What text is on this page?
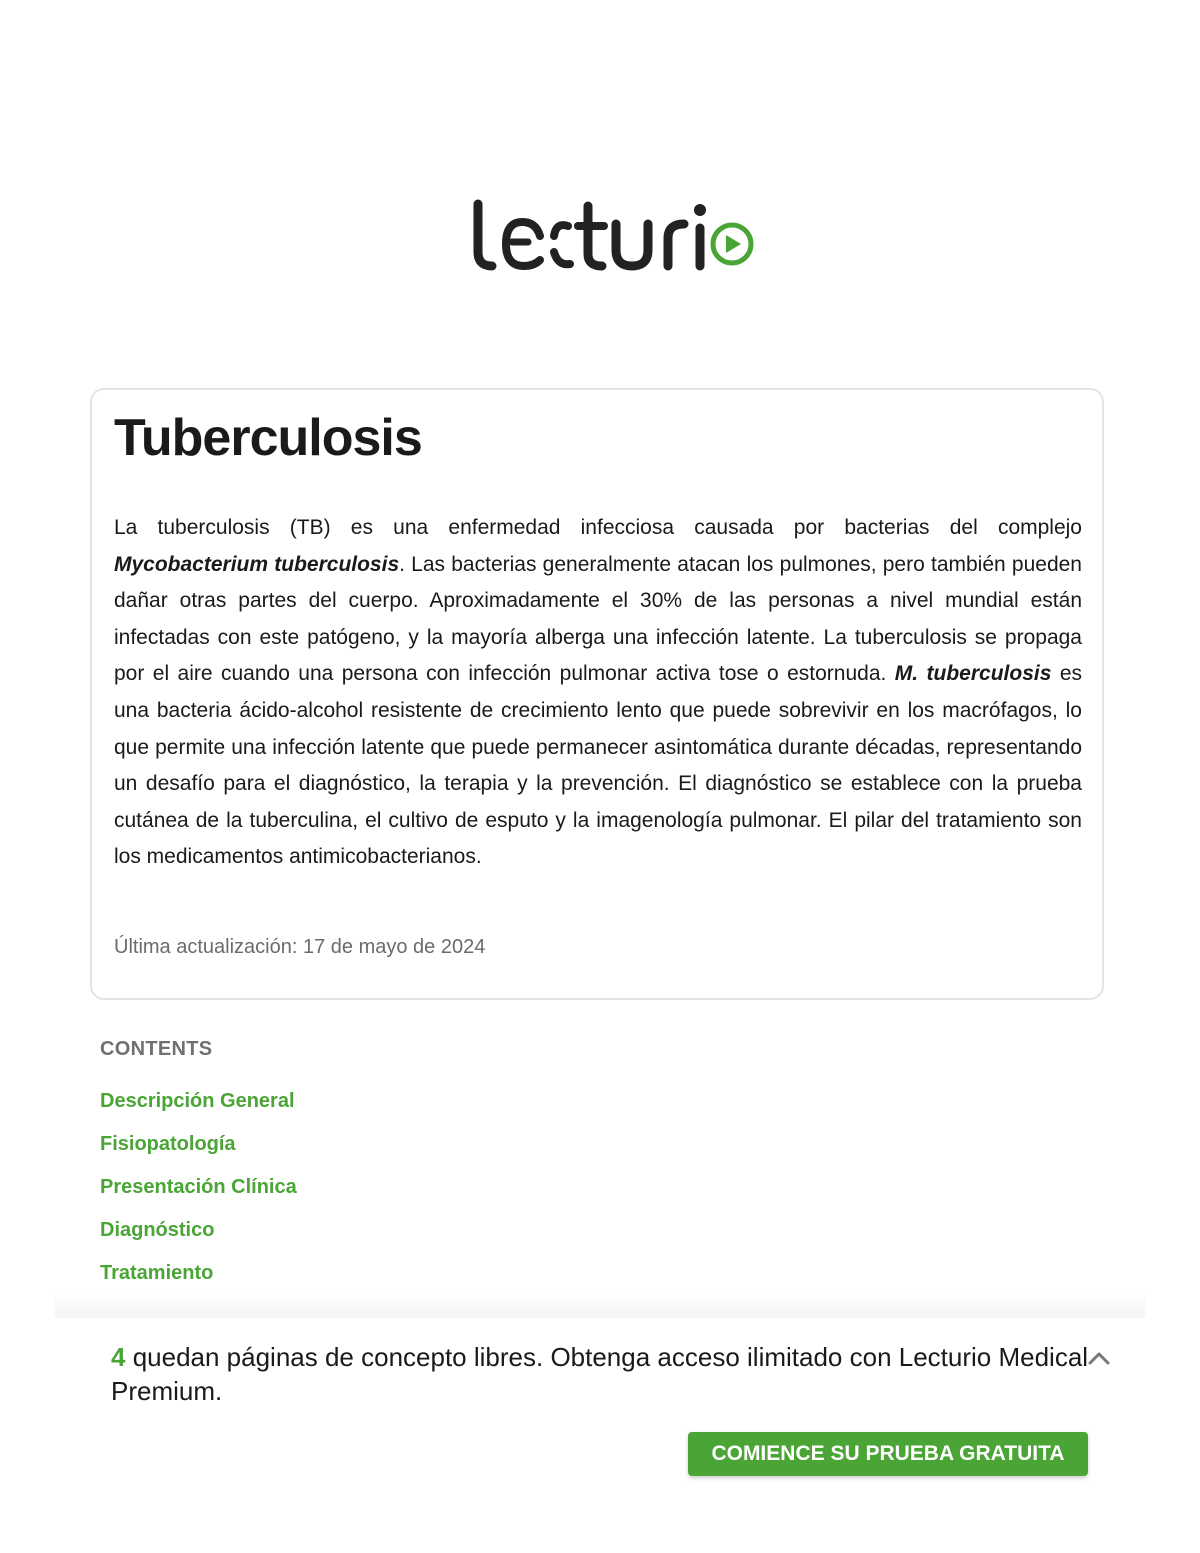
Tuberculosis

La tuberculosis (TB) es una enfermedad infecciosa causada por bacterias del complejo Mycobacterium tuberculosis. Las bacterias generalmente atacan los pulmones, pero también pueden dañar otras partes del cuerpo. Aproximadamente el 30% de las personas a nivel mundial están infectadas con este patógeno, y la mayoría alberga una infección latente. La tuberculosis se propaga por el aire cuando una persona con infección pulmonar activa tose o estornuda. M. tuberculosis es una bacteria ácido-alcohol resistente de crecimiento lento que puede sobrevivir en los macrófagos, lo que permite una infección latente que puede permanecer asintomática durante décadas, representando un desafío para el diagnóstico, la terapia y la prevención. El diagnóstico se establece con la prueba cutánea de la tuberculina, el cultivo de esputo y la imagenología pulmonar. El pilar del tratamiento son los medicamentos antimicobacterianos.

Última actualización: 17 de mayo de 2024
CONTENTS
Descripción General
Fisiopatología
Presentación Clínica
Diagnóstico
Tratamiento
4 quedan páginas de concepto libres. Obtenga acceso ilimitado con Lecturio Medical Premium.
COMIENCE SU PRUEBA GRATUITA
